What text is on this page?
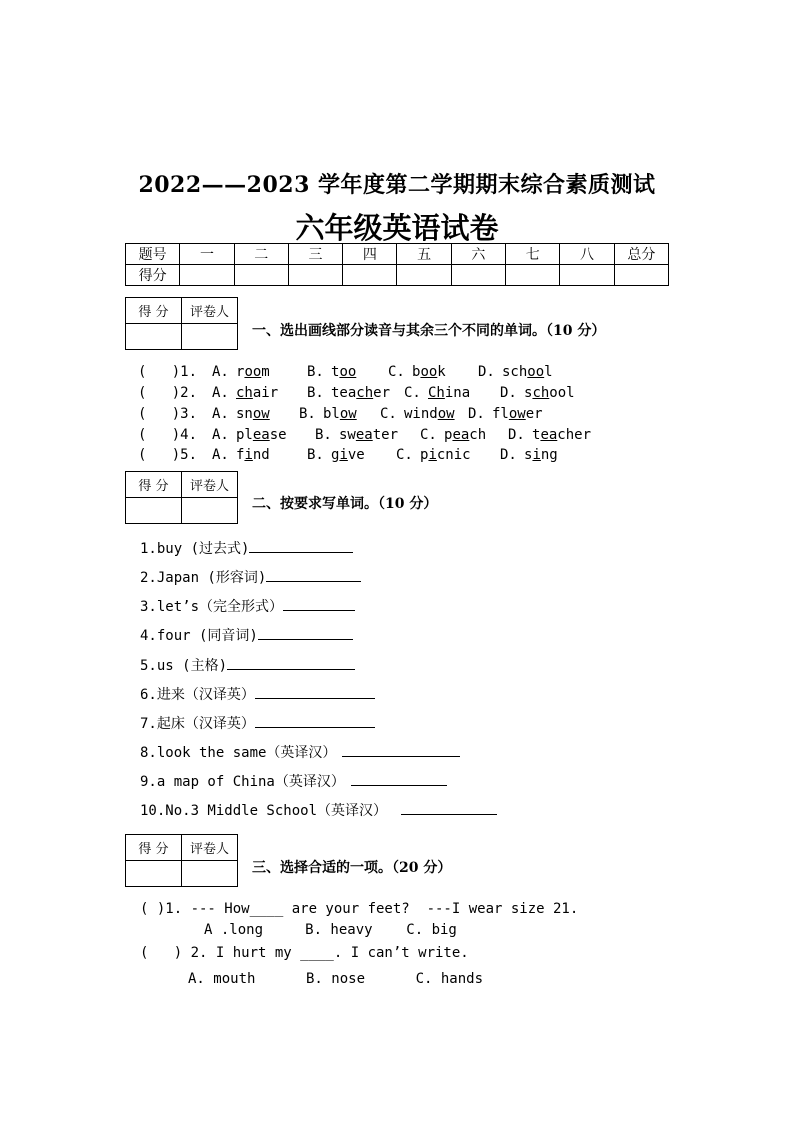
2022——2023 学年度第二学期期末综合素质测试
六年级英语试卷
题号	一	二	三	四	五	六	七	八	总分
得分									
得 分	评卷人

一、选出画线部分读音与其余三个不同的单词。（10 分）
(   )1. A. room	B. too C. book D. school
(   )2. A. chair B. teacher C. China D. school
(   )3. A. snow B. blow C. window D. flower
(   )4. A. please B. sweater C. peach D. teacher
(   )5. A. find	B. give C. picnic D. sing
得 分	评卷人

二、按要求写单词。（10 分）
1.buy (过去式)
2.Japan (形容词)
3.let’s（完全形式）
4.four (同音词)
5.us (主格)
6.进来（汉译英）
7.起床（汉译英）
8.look the same（英译汉）
9.a map of China（英译汉）
10.No.3 Middle School（英译汉）
得 分	评卷人

三、选择合适的一项。（20 分）
( )1. --- How____ are your feet?  ---I wear size 21.
A .long     B. heavy    C. big
(   ) 2. I hurt my ____. I can’t write.
A. mouth      B. nose      C. hands
